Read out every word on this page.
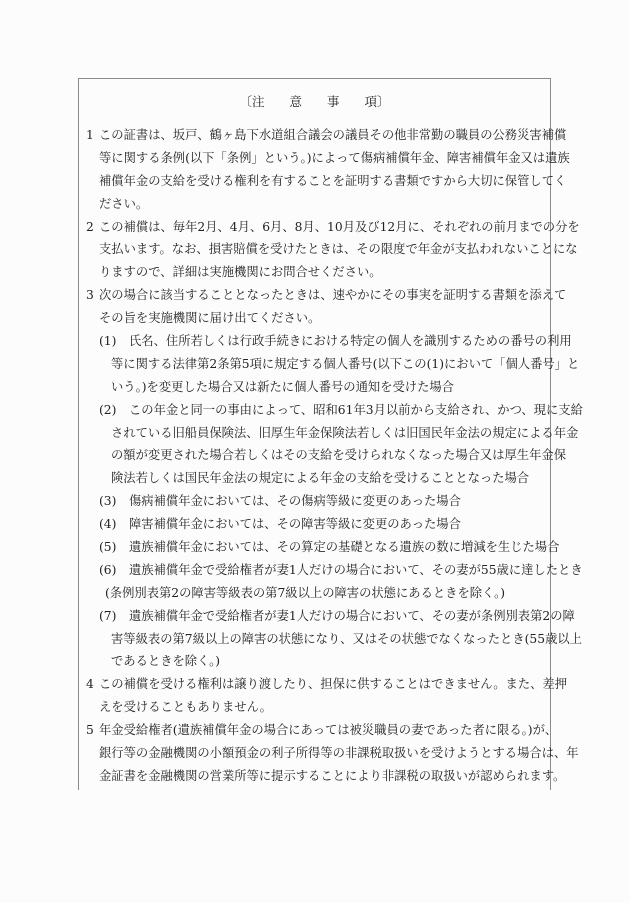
〔注　　意　　事　　項〕
1 この証書は、坂戸、鶴ヶ島下水道組合議会の議員その他非常勤の職員の公務災害補償
等に関する条例(以下「条例」という。)によって傷病補償年金、障害補償年金又は遺族
補償年金の支給を受ける権利を有することを証明する書類ですから大切に保管してく
ださい。
2 この補償は、毎年2月、4月、6月、8月、10月及び12月に、それぞれの前月までの分を
支払います。なお、損害賠償を受けたときは、その限度で年金が支払われないことにな
りますので、詳細は実施機関にお問合せください。
3 次の場合に該当することとなったときは、速やかにその事実を証明する書類を添えて
その旨を実施機関に届け出てください。
(1) 氏名、住所若しくは行政手続きにおける特定の個人を識別するための番号の利用
等に関する法律第2条第5項に規定する個人番号(以下この(1)において「個人番号」と
いう。)を変更した場合又は新たに個人番号の通知を受けた場合
(2) この年金と同一の事由によって、昭和61年3月以前から支給され、かつ、現に支給
されている旧船員保険法、旧厚生年金保険法若しくは旧国民年金法の規定による年金
の額が変更された場合若しくはその支給を受けられなくなった場合又は厚生年金保
険法若しくは国民年金法の規定による年金の支給を受けることとなった場合
(3) 傷病補償年金においては、その傷病等級に変更のあった場合
(4) 障害補償年金においては、その障害等級に変更のあった場合
(5) 遺族補償年金においては、その算定の基礎となる遺族の数に増減を生じた場合
(6) 遺族補償年金で受給権者が妻1人だけの場合において、その妻が55歳に達したとき
(条例別表第2の障害等級表の第7級以上の障害の状態にあるときを除く。)
(7) 遺族補償年金で受給権者が妻1人だけの場合において、その妻が条例別表第2の障
害等級表の第7級以上の障害の状態になり、又はその状態でなくなったとき(55歳以上
であるときを除く。)
4 この補償を受ける権利は譲り渡したり、担保に供することはできません。また、差押
えを受けることもありません。
5 年金受給権者(遺族補償年金の場合にあっては被災職員の妻であった者に限る。)が、
銀行等の金融機関の小額預金の利子所得等の非課税取扱いを受けようとする場合は、年
金証書を金融機関の営業所等に提示することにより非課税の取扱いが認められます。
